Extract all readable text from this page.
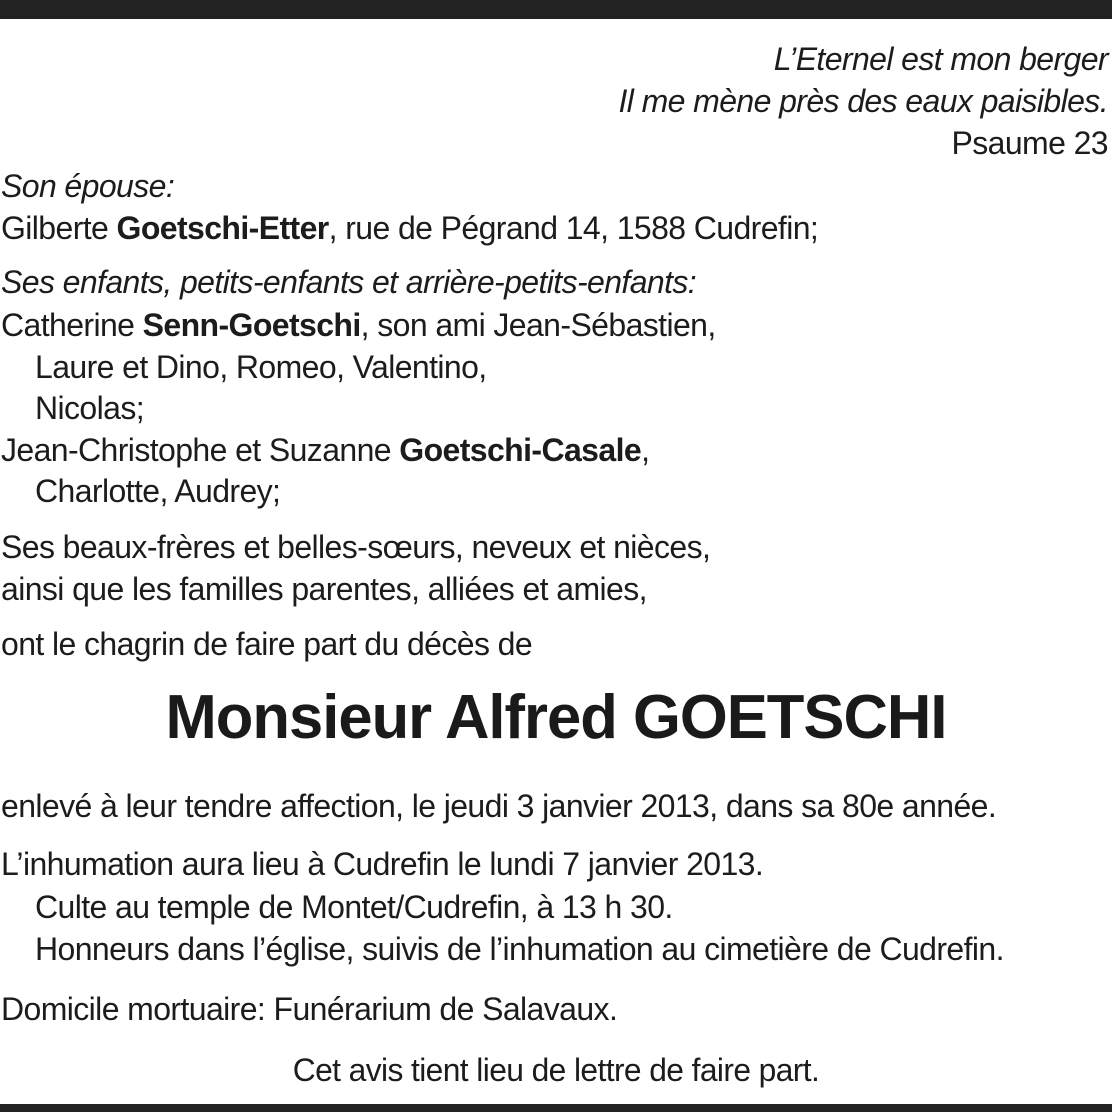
L’Eternel est mon berger
Il me mène près des eaux paisibles.
Psaume 23
Son épouse:
Gilberte Goetschi-Etter, rue de Pégrand 14, 1588 Cudrefin;
Ses enfants, petits-enfants et arrière-petits-enfants:
Catherine Senn-Goetschi, son ami Jean-Sébastien,
Laure et Dino, Romeo, Valentino,
Nicolas;
Jean-Christophe et Suzanne Goetschi-Casale,
Charlotte, Audrey;
Ses beaux-frères et belles-sœurs, neveux et nièces,
ainsi que les familles parentes, alliées et amies,
ont le chagrin de faire part du décès de
Monsieur Alfred GOETSCHI
enlevé à leur tendre affection, le jeudi 3 janvier 2013, dans sa 80e année.
L’inhumation aura lieu à Cudrefin le lundi 7 janvier 2013.
Culte au temple de Montet/Cudrefin, à 13 h 30.
Honneurs dans l’église, suivis de l’inhumation au cimetière de Cudrefin.
Domicile mortuaire: Funérarium de Salavaux.
Cet avis tient lieu de lettre de faire part.
